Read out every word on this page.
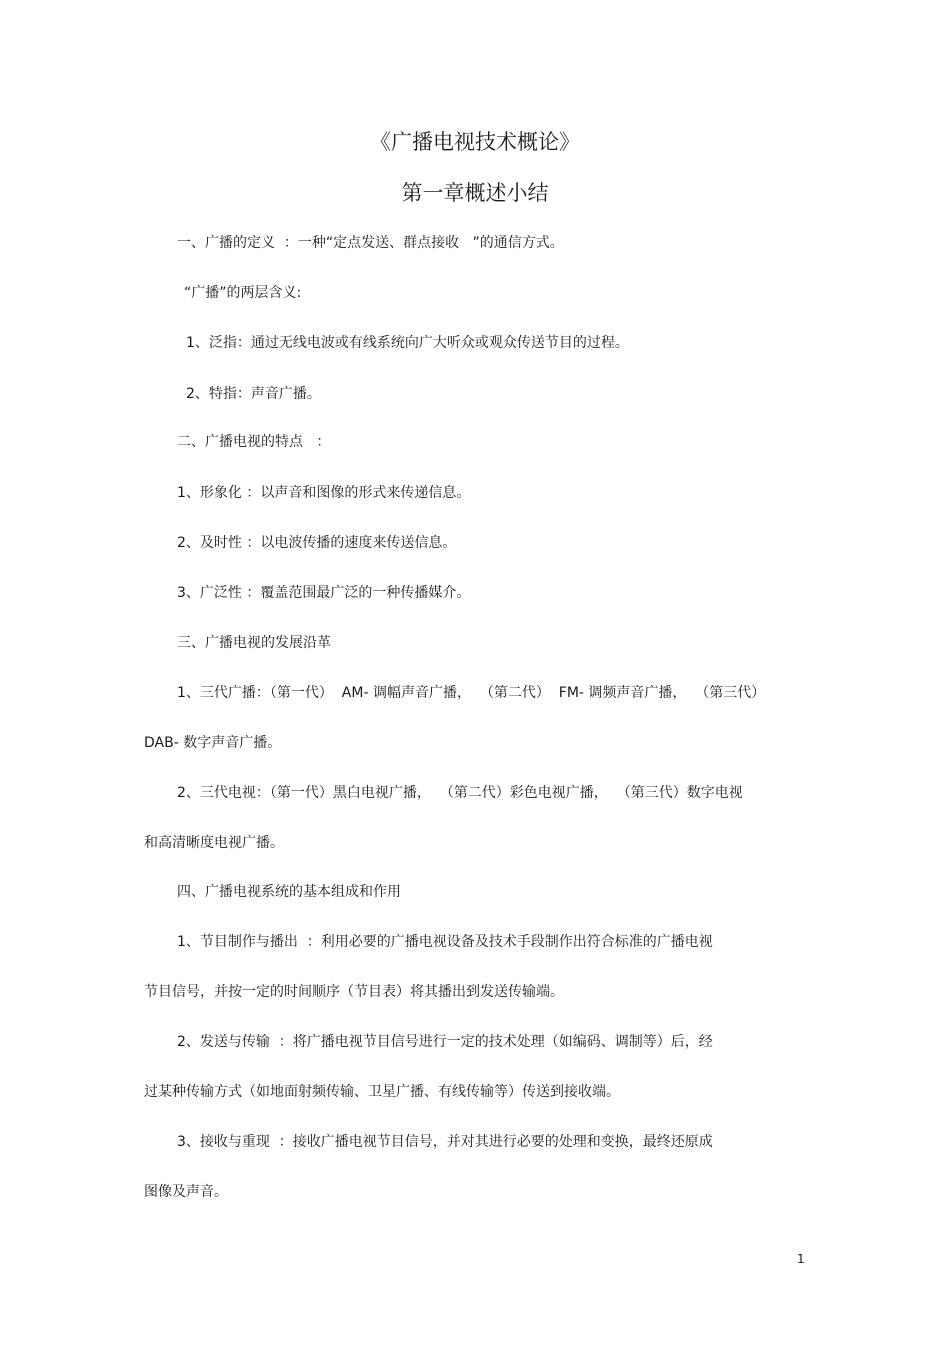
《广播电视技术概论》
第一章概述小结
一、广播的定义  ：一种“定点发送、群点接收   ”的通信方式。
“广播”的两层含义:
1、泛指：通过无线电波或有线系统向广大听众或观众传送节目的过程。
2、特指：声音广播。
二、广播电视的特点   ：
1、形象化 ：以声音和图像的形式来传递信息。
2、及时性 ：以电波传播的速度来传送信息。
3、广泛性 ：覆盖范围最广泛的一种传播媒介。
三、广播电视的发展沿革
1、三代广播：（第一代）  AM- 调幅声音广播，  （第二代）  FM- 调频声音广播，  （第三代）
DAB- 数字声音广播。
2、三代电视：（第一代）黑白电视广播，  （第二代）彩色电视广播，  （第三代）数字电视
和高清晰度电视广播。
四、广播电视系统的基本组成和作用
1、节目制作与播出  ：利用必要的广播电视设备及技术手段制作出符合标准的广播电视
节目信号，并按一定的时间顺序（节目表）将其播出到发送传输端。
2、发送与传输  ：将广播电视节目信号进行一定的技术处理（如编码、调制等）后，经
过某种传输方式（如地面射频传输、卫星广播、有线传输等）传送到接收端。
3、接收与重现  ：接收广播电视节目信号，并对其进行必要的处理和变换，最终还原成
图像及声音。
1
